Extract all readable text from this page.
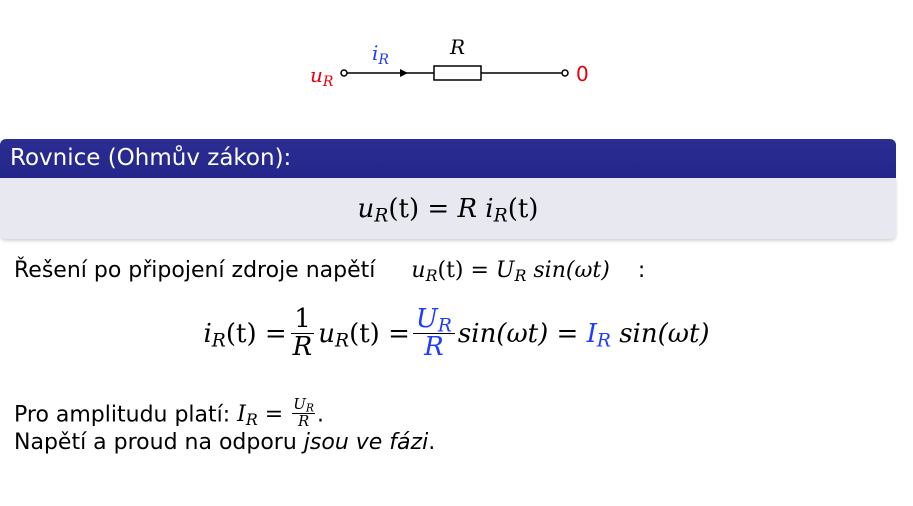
$u_R$
$i_R$
R
0
Rovnice (Ohmův zákon):
$u_R(t) = R$ $i_R(t)$
Řešení po připojení zdroje napětí $u_R(t) = U_R$ sin(ωt) :
$i_R(t) = \frac{1}{R} u_R(t) = \frac{U_R}{R} \sin(\omega t) = I_R$ sin(ωt)
Pro amplitudu platí: $I_R = \frac{U_R}{R}$ .
Napětí a proud na odporu jsou ve fázi.
